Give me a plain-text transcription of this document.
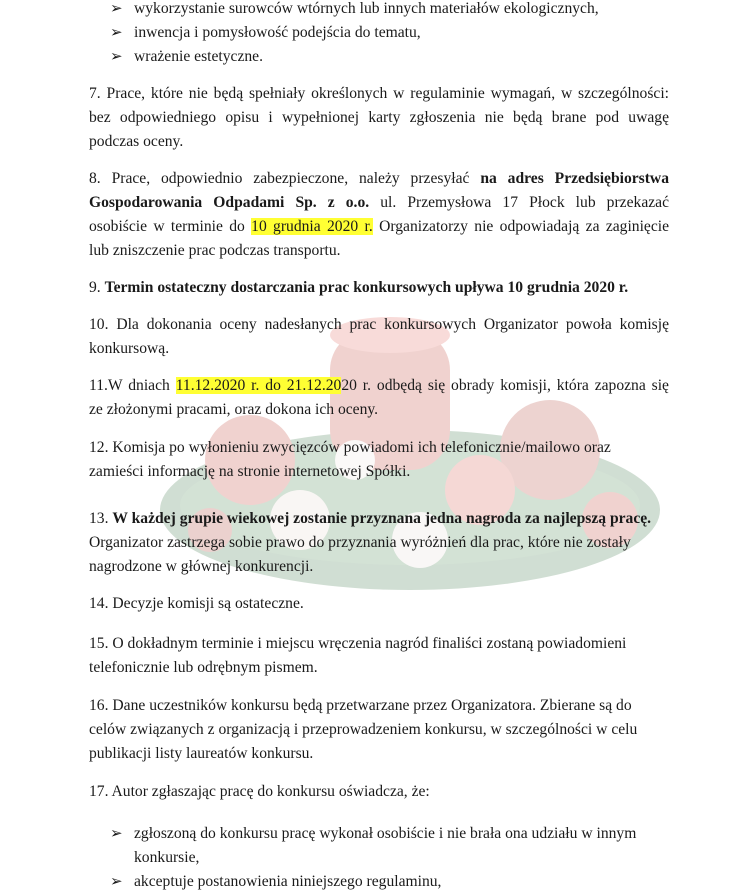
➢ wykorzystanie surowców wtórnych lub innych materiałów ekologicznych,

➢ inwencja i pomysłowość podejścia do tematu,

➢ wrażenie estetyczne.

7. Prace, które nie będą spełniały określonych w regulaminie wymagań, w szczególności:

bez odpowiedniego opisu i wypełnionej karty zgłoszenia nie będą brane pod uwagę

podczas oceny.

8. Prace, odpowiednio zabezpieczone, należy przesyłać na adres Przedsiębiorstwa

Gospodarowania Odpadami Sp. z o.o. ul. Przemysłowa 17 Płock lub przekazać

osobiście w terminie do 10 grudnia 2020 r. Organizatorzy nie odpowiadają za zaginięcie

lub zniszczenie prac podczas transportu.

9. Termin ostateczny dostarczania prac konkursowych upływa 10 grudnia 2020 r.

10. Dla dokonania oceny nadesłanych prac konkursowych Organizator powoła komisję

konkursową.

11.W dniach 11.12.2020 r. do 21.12.2020 r. odbędą się obrady komisji, która zapozna się

ze złożonymi pracami, oraz dokona ich oceny.

12. Komisja po wyłonieniu zwycięzców powiadomi ich telefonicznie/mailowo oraz

zamieści informację na stronie internetowej Spółki.

13. W każdej grupie wiekowej zostanie przyznana jedna nagroda za najlepszą pracę.

Organizator zastrzega sobie prawo do przyznania wyróżnień dla prac, które nie zostały

nagrodzone w głównej konkurencji.

14. Decyzje komisji są ostateczne.

15. O dokładnym terminie i miejscu wręczenia nagród finaliści zostaną powiadomieni

telefonicznie lub odrębnym pismem.

16. Dane uczestników konkursu będą przetwarzane przez Organizatora. Zbierane są do

celów związanych z organizacją i przeprowadzeniem konkursu, w szczególności w celu

publikacji listy laureatów konkursu.

17. Autor zgłaszając pracę do konkursu oświadcza, że:

➢ zgłoszoną do konkursu pracę wykonał osobiście i nie brała ona udziału w innym

konkursie,

➢ akceptuje postanowienia niniejszego regulaminu,
